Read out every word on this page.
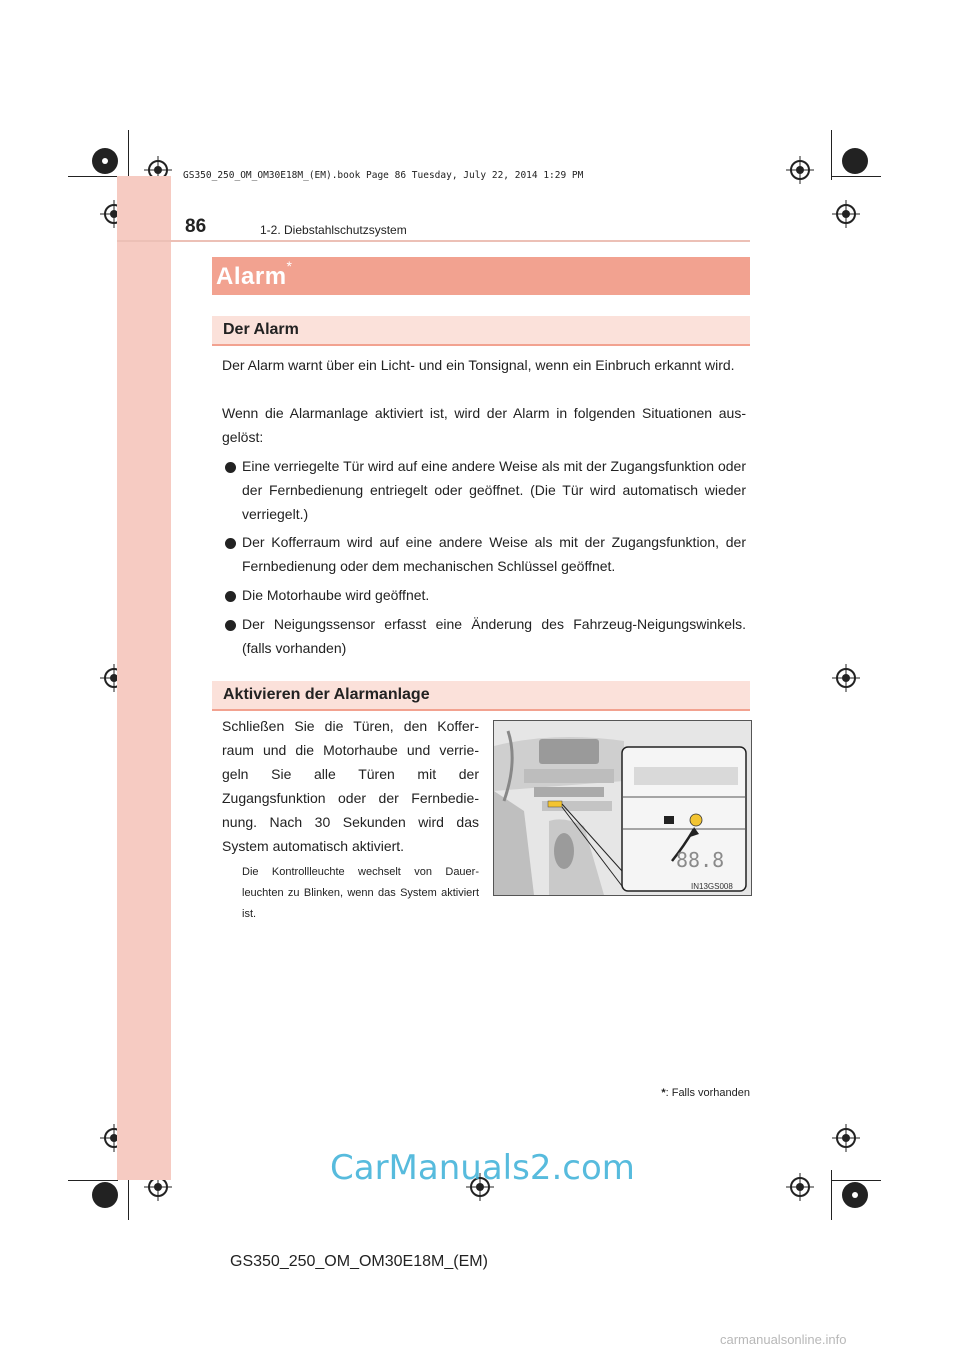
GS350_250_OM_OM30E18M_(EM).book Page 86 Tuesday, July 22, 2014 1:29 PM
86	1-2. Diebstahlschutzsystem
Alarm*
Der Alarm

Der Alarm warnt über ein Licht- und ein Tonsignal, wenn ein Einbruch erkannt wird.

Wenn die Alarmanlage aktiviert ist, wird der Alarm in folgenden Situationen aus-gelöst:

Eine verriegelte Tür wird auf eine andere Weise als mit der Zugangsfunktion oder der Fernbedienung entriegelt oder geöffnet. (Die Tür wird automatisch wieder verriegelt.)
Der Kofferraum wird auf eine andere Weise als mit der Zugangsfunktion, der Fernbedienung oder dem mechanischen Schlüssel geöffnet.
Die Motorhaube wird geöffnet.
Der Neigungssensor erfasst eine Änderung des Fahrzeug-Neigungswinkels. (falls vorhanden)
Aktivieren der Alarmanlage

Schließen Sie die Türen, den Koffer-raum und die Motorhaube und verrie-geln Sie alle Türen mit der Zugangsfunktion oder der Fernbedie-nung. Nach 30 Sekunden wird das System automatisch aktiviert.

Die Kontrollleuchte wechselt von Dauer-leuchten zu Blinken, wenn das System aktiviert ist.

88.8
IN13GS008
*: Falls vorhanden
CarManuals2.com
GS350_250_OM_OM30E18M_(EM)
carmanualsonline.info
